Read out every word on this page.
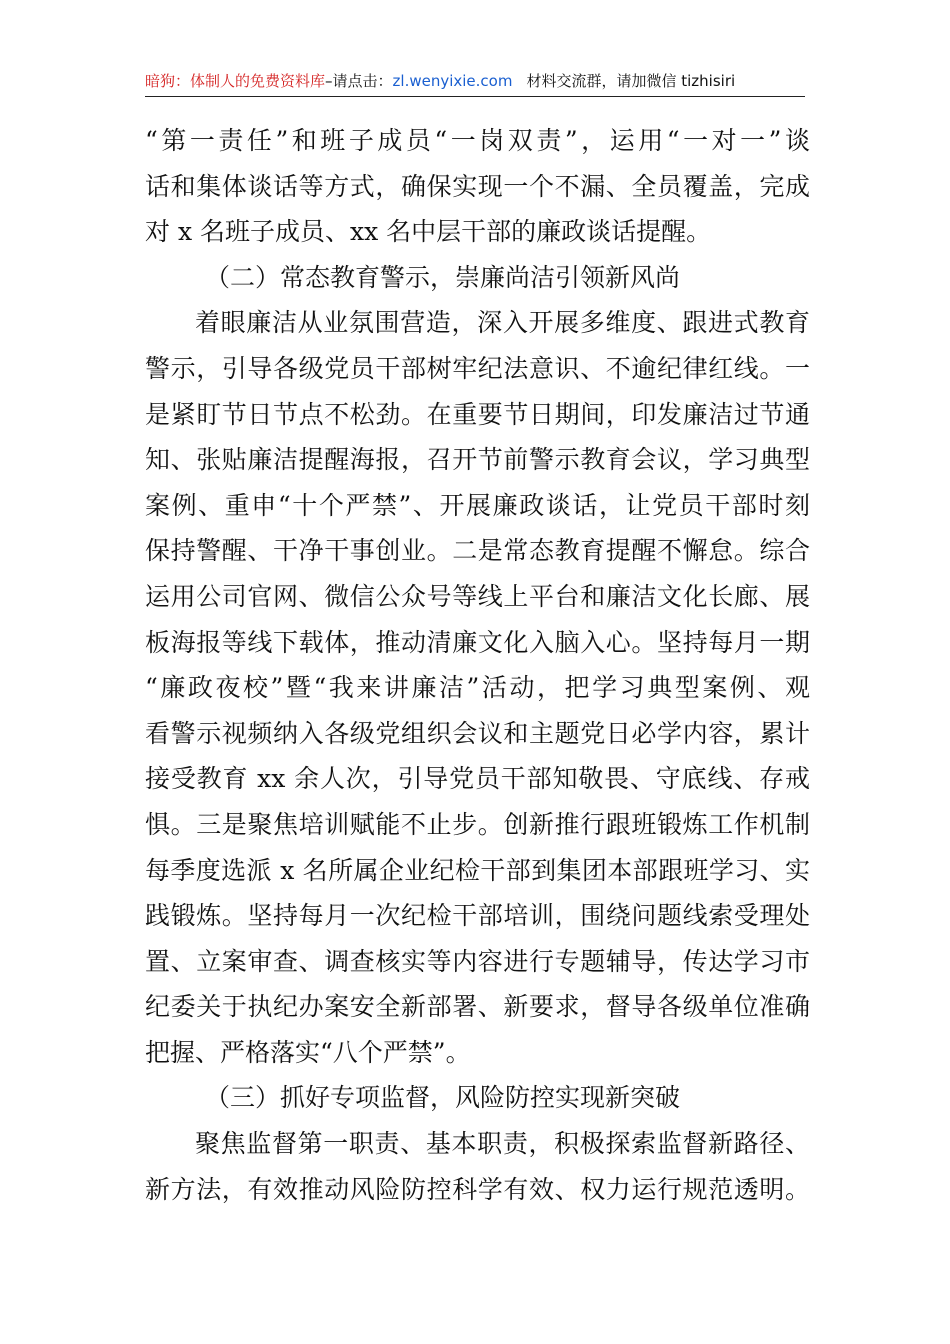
暗狗：体制人的免费资料库–请点击：zl.wenyixie.com 材料交流群，请加微信 tizhisiri
“第一责任”和班子成员“一岗双责”，运用“一对一”谈
话和集体谈话等方式，确保实现一个不漏、全员覆盖，完成
对 x 名班子成员、xx 名中层干部的廉政谈话提醒。
（二）常态教育警示，崇廉尚洁引领新风尚
着眼廉洁从业氛围营造，深入开展多维度、跟进式教育
警示，引导各级党员干部树牢纪法意识、不逾纪律红线。一
是紧盯节日节点不松劲。在重要节日期间，印发廉洁过节通
知、张贴廉洁提醒海报，召开节前警示教育会议，学习典型
案例、重申“十个严禁”、开展廉政谈话，让党员干部时刻
保持警醒、干净干事创业。二是常态教育提醒不懈怠。综合
运用公司官网、微信公众号等线上平台和廉洁文化长廊、展
板海报等线下载体，推动清廉文化入脑入心。坚持每月一期
“廉政夜校”暨“我来讲廉洁”活动，把学习典型案例、观
看警示视频纳入各级党组织会议和主题党日必学内容，累计
接受教育 xx 余人次，引导党员干部知敬畏、守底线、存戒
惧。三是聚焦培训赋能不止步。创新推行跟班锻炼工作机制
每季度选派 x 名所属企业纪检干部到集团本部跟班学习、实
践锻炼。坚持每月一次纪检干部培训，围绕问题线索受理处
置、立案审查、调查核实等内容进行专题辅导，传达学习市
纪委关于执纪办案安全新部署、新要求，督导各级单位准确
把握、严格落实“八个严禁”。
（三）抓好专项监督，风险防控实现新突破
聚焦监督第一职责、基本职责，积极探索监督新路径、
新方法，有效推动风险防控科学有效、权力运行规范透明。
